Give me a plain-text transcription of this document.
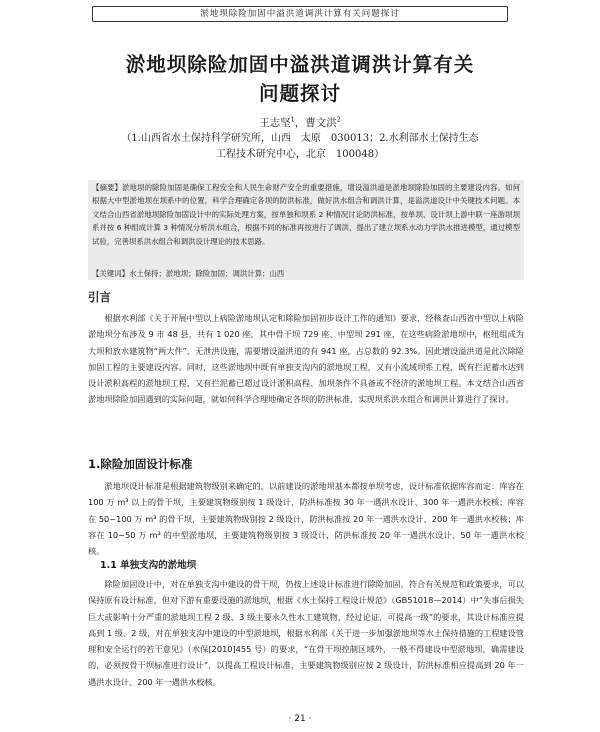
淤地坝除险加固中溢洪道调洪计算有关问题探讨
淤地坝除险加固中溢洪道调洪计算有关
问题探讨
王志坚$^1$，曹文洪$^2$
（1.山西省水土保持科学研究所，山西　太原　030013；2.水利部水土保持生态
工程技术研究中心，北京　100048）
【摘要】淤地坝的除险加固是确保工程安全和人民生命财产安全的重要措施，增设溢洪道是淤地坝除险加固的主要建设内容。如何根据大中型淤地坝在坝系中的位置，科学合理确定各坝的防洪标准，做好洪水组合和调洪计算，是溢洪道设计中关键技术问题。本文结合山西省淤地坝除险加固设计中的实际处理方案，按单独和坝系 2 种情况讨论防洪标准，按单坝、设计坝上游中联一座游坝坝系并按 6 种组成计算 3 种情况分析洪水组合，根据不同的标准再按进行了调洪，提出了建立坝系水动力学洪水推进模型，通过模型试验，完善坝系洪水组合和调洪设计理论的技术思路。
【关键词】水土保持；淤地坝；除险加固；调洪计算；山西
引言
根据水利部《关于开展中型以上病险淤地坝认定和除险加固初步设计工作的通知》要求，经核查山西省中型以上病险淤地坝分布涉及 9 市 48 县，共有 1 020 座，其中骨干坝 729 座、中型坝 291 座，在这些病险淤地坝中，枢纽组成为大坝和放水建筑物“两大件”、无泄洪设施，需要增设溢洪道的有 941 座，占总数的 92.3%。因此增设溢洪道是此次除险加固工程的主要建设内容。同时，这些淤地坝中既有单独支沟内的淤地坝工程，又有小流域坝系工程，既有拦泥蓄水达到设计淤积高程的淤地坝工程，又有拦泥蓄已超过设计淤积高程、加坝条件不具备或不经济的淤地坝工程。本文结合山西省淤地坝除险加固遇到的实际问题，就如何科学合理地确定各坝的防洪标准，实现坝系洪水组合和调洪计算进行了探讨。
1.除险加固设计标准
淤地坝设计标准是根据建筑物级别来确定的，以前建设的淤地坝基本都按单坝考虑，设计标准依据库容而定：库容在 100 万 m³ 以上的骨干坝，主要建筑物级别按 1 级设计，防洪标准按 30 年一遇洪水设计、300 年一遇洪水校核；库容在 50~100 万 m³ 的骨干坝，主要建筑物级别按 2 级设计，防洪标准按 20 年一遇洪水设计、200 年一遇洪水校核；库容在 10~50 万 m³ 的中型淤地坝，主要建筑物级别按 3 级设计，防洪标准按 20 年一遇洪水设计、50 年一遇洪水校核。
1.1 单独支沟的淤地坝
除险加固设计中，对在单独支沟中建设的骨干坝，仍按上述设计标准进行除险加固，符合有关规范和政策要求，可以保持原有设计标准，但对下游有重要设施的淤地坝，根据《水土保持工程设计规范》（GB51018—2014）中“失事后损失巨大或影响十分严重的淤地坝工程 2 级、3 级主要永久性水工建筑物，经过论证，可提高一级”的要求，其设计标准应提高到 1 级、2 级，对在单独支沟中建设的中型淤地坝，根据水利部《关于进一步加强淤地坝等水土保持措施的工程建设管理和安全运行的若干意见》（水保[2010]455 号）的要求，“在骨干坝控制区域外，一般不得建设中型淤地坝，确需建设的，必须按骨干坝标准进行设计”，以提高工程设计标准，主要建筑物级别应按 2 级设计，防洪标准相应提高到 20 年一遇洪水设计、200 年一遇洪水校核。
· 21 ·
